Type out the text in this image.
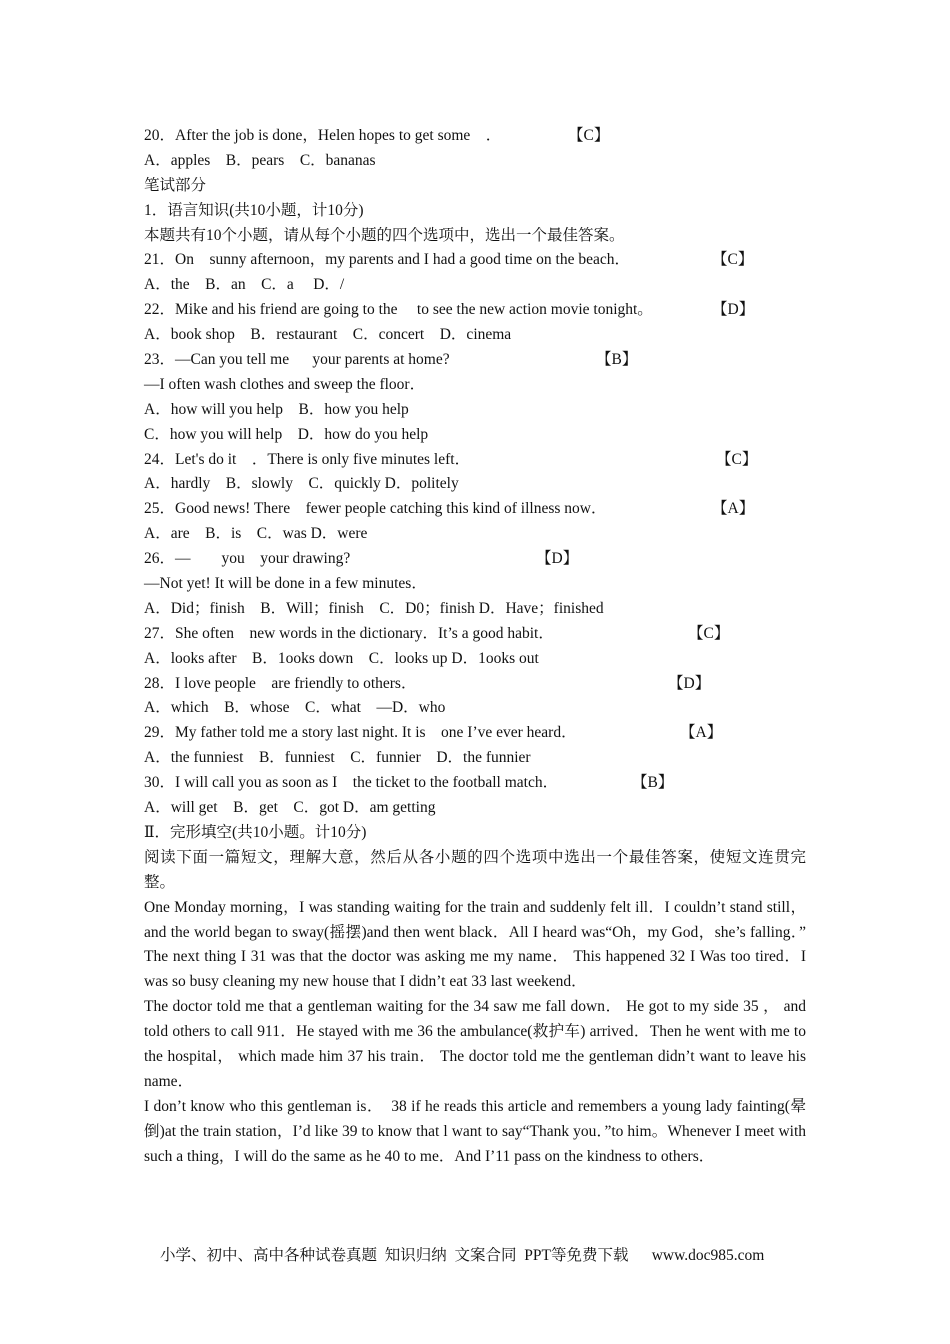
20．After the job is done，Helen hopes to get some　．	【C】
A．apples　B．pears　C．bananas
笔试部分
1．语言知识(共10小题，计10分)
本题共有10个小题，请从每个小题的四个选项中，选出一个最佳答案。
21．On　sunny afternoon，my parents and I had a good time on the beach．	【C】
A．the　B．an　C．a　 D．/
22．Mike and his friend are going to the　 to see the new action movie tonight。	【D】
A．book shop　B．restaurant　C．concert　D．cinema
23．—Can you tell me　  your parents at home?	【B】
—I often wash clothes and sweep the floor．
A．how will you help　B．how you help
C．how you will help　D．how do you help
24．Let's do it　．There is only five minutes left．	【C】
A．hardly　B．slowly　C．quickly D．politely
25．Good news! There　fewer people catching this kind of illness now．	【A】
A．are　B．is　C．was D．were
26．—　　you　your drawing?	【D】
—Not yet! It will be done in a few minutes．
A．Did；finish　B．Will；finish　C．D0；finish D．Have；finished
27．She often　new words in the dictionary．It’s a good habit．	【C】
A．looks after　B．1ooks down　C．looks up D．1ooks out
28．I love people　are friendly to others．	【D】
A．which　B．whose　C．what　—D．who
29．My father told me a story last night. It is　one I’ve ever heard．	【A】
A．the funniest　B．funniest　C．funnier　D．the funnier
30．I will call you as soon as I　the ticket to the football match．	【B】
A．will get　B．get　C．got D．am getting
Ⅱ．完形填空(共10小题。计10分)
阅读下面一篇短文，理解大意，然后从各小题的四个选项中选出一个最佳答案，使短文连贯完整。
One Monday morning，I was standing waiting for the train and suddenly felt ill．I couldn’t stand still， and the world began to sway(摇摆)and then went black．All I heard was“Oh，my God，she’s falling．” The next thing I 31 was that the doctor was asking me my name． This happened 32 I Was too tired．I was so busy cleaning my new house that I didn’t eat 33 last weekend．
The doctor told me that a gentleman waiting for the 34 saw me fall down． He got to my side 35 ， and told others to call 911．He stayed with me 36 the ambulance(救护车) arrived．Then he went with me to the hospital， which made him 37 his train． The doctor told me the gentleman didn’t want to leave his name．
I don’t know who this gentleman is．　38 if he reads this article and remembers a young lady fainting(晕倒)at the train station，I’d like 39 to know that l want to say“Thank you．”to him。Whenever I meet with such a thing，I will do the same as he 40 to me．And I’11 pass on the kindness to others．
小学、初中、高中各种试卷真题  知识归纳  文案合同  PPT等免费下载      www.doc985.com
